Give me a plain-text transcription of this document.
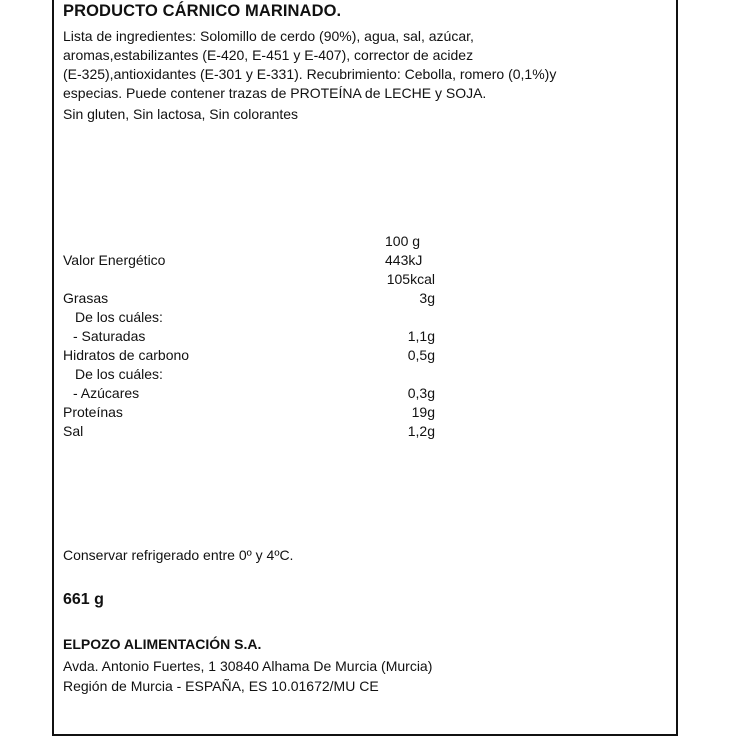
PRODUCTO CÁRNICO MARINADO.
Lista de ingredientes: Solomillo de cerdo (90%), agua, sal, azúcar,
aromas,estabilizantes (E-420, E-451 y E-407), corrector de acidez
(E-325),antioxidantes (E-301 y E-331). Recubrimiento: Cebolla, romero (0,1%)y
especias. Puede contener trazas de PROTEÍNA de LECHE y SOJA.
Sin gluten, Sin lactosa, Sin colorantes
100 g
Valor Energético	443kJ
105kcal
Grasas	3g
De los cuáles:
- Saturadas	1,1g
Hidratos de carbono	0,5g
De los cuáles:
- Azúcares	0,3g
Proteínas	19g
Sal	1,2g
Conservar refrigerado entre 0º y 4ºC.
661 g
ELPOZO ALIMENTACIÓN S.A.
Avda. Antonio Fuertes, 1 30840 Alhama De Murcia (Murcia)
Región de Murcia - ESPAÑA, ES 10.01672/MU CE
